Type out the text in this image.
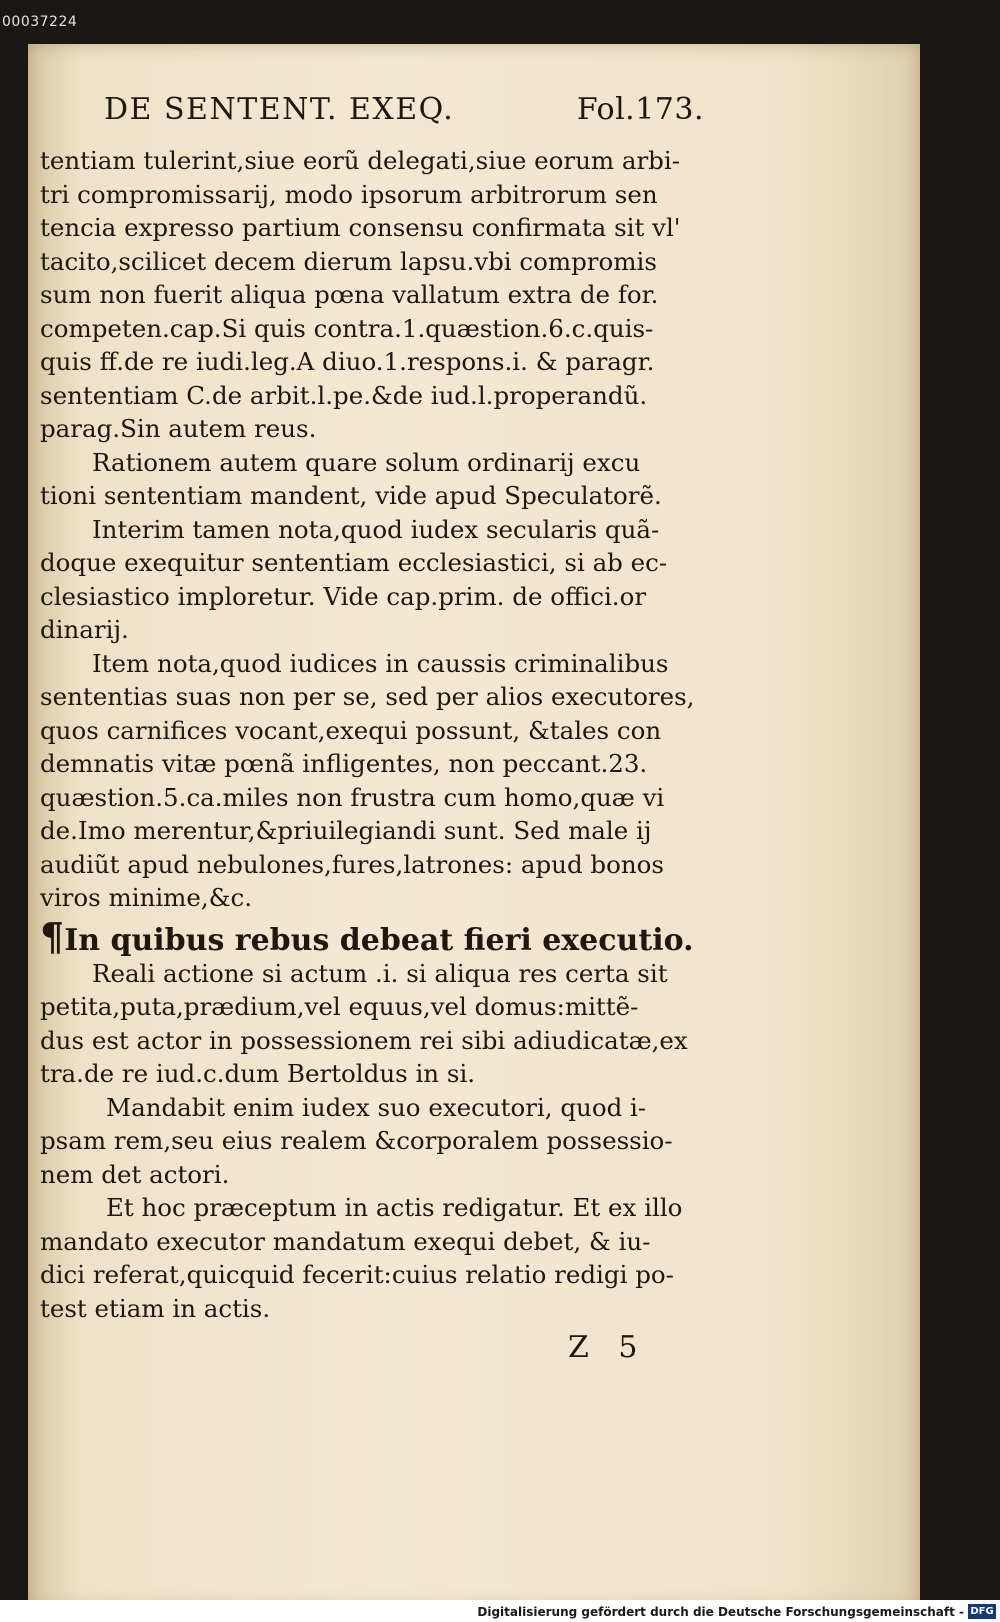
00037224
DE SENTENT. EXEQ.	Fol.173.
tentiam tulerint,siue eorũ delegati,siue eorum arbi-
tri compromissarij, modo ipsorum arbitrorum sen
tencia expresso partium consensu confirmata sit vl'
tacito,scilicet decem dierum lapsu.vbi compromis
sum non fuerit aliqua pœna vallatum extra de for.
competen.cap.Si quis contra.1.quæstion.6.c.quis-
quis ff.de re iudi.leg.A diuo.1.respons.i. & paragr.
sententiam C.de arbit.l.pe.&de iud.l.properandũ.
parag.Sin autem reus.
Rationem autem quare solum ordinarij excu
tioni sententiam mandent, vide apud Speculatorẽ.
Interim tamen nota,quod iudex secularis quã-
doque exequitur sententiam ecclesiastici, si ab ec-
clesiastico imploretur. Vide cap.prim. de offici.or
dinarij.
Item nota,quod iudices in caussis criminalibus
sententias suas non per se, sed per alios executores,
quos carnifices vocant,exequi possunt, &tales con
demnatis vitæ pœnã infligentes, non peccant.23.
quæstion.5.ca.miles non frustra cum homo,quæ vi
de.Imo merentur,&priuilegiandi sunt. Sed male ij
audiũt apud nebulones,fures,latrones: apud bonos
viros minime,&c.
¶In quibus rebus debeat fieri executio.
Reali actione si actum .i. si aliqua res certa sit
petita,puta,prædium,vel equus,vel domus:mittẽ-
dus est actor in possessionem rei sibi adiudicatæ,ex
tra.de re iud.c.dum Bertoldus in si.
Mandabit enim iudex suo executori, quod i-
psam rem,seu eius realem &corporalem possessio-
nem det actori.
Et hoc præceptum in actis redigatur. Et ex illo
mandato executor mandatum exequi debet, & iu-
dici referat,quicquid fecerit:cuius relatio redigi po-
test etiam in actis.
Z 5
Digitalisierung gefördert durch die Deutsche Forschungsgemeinschaft - DFG
